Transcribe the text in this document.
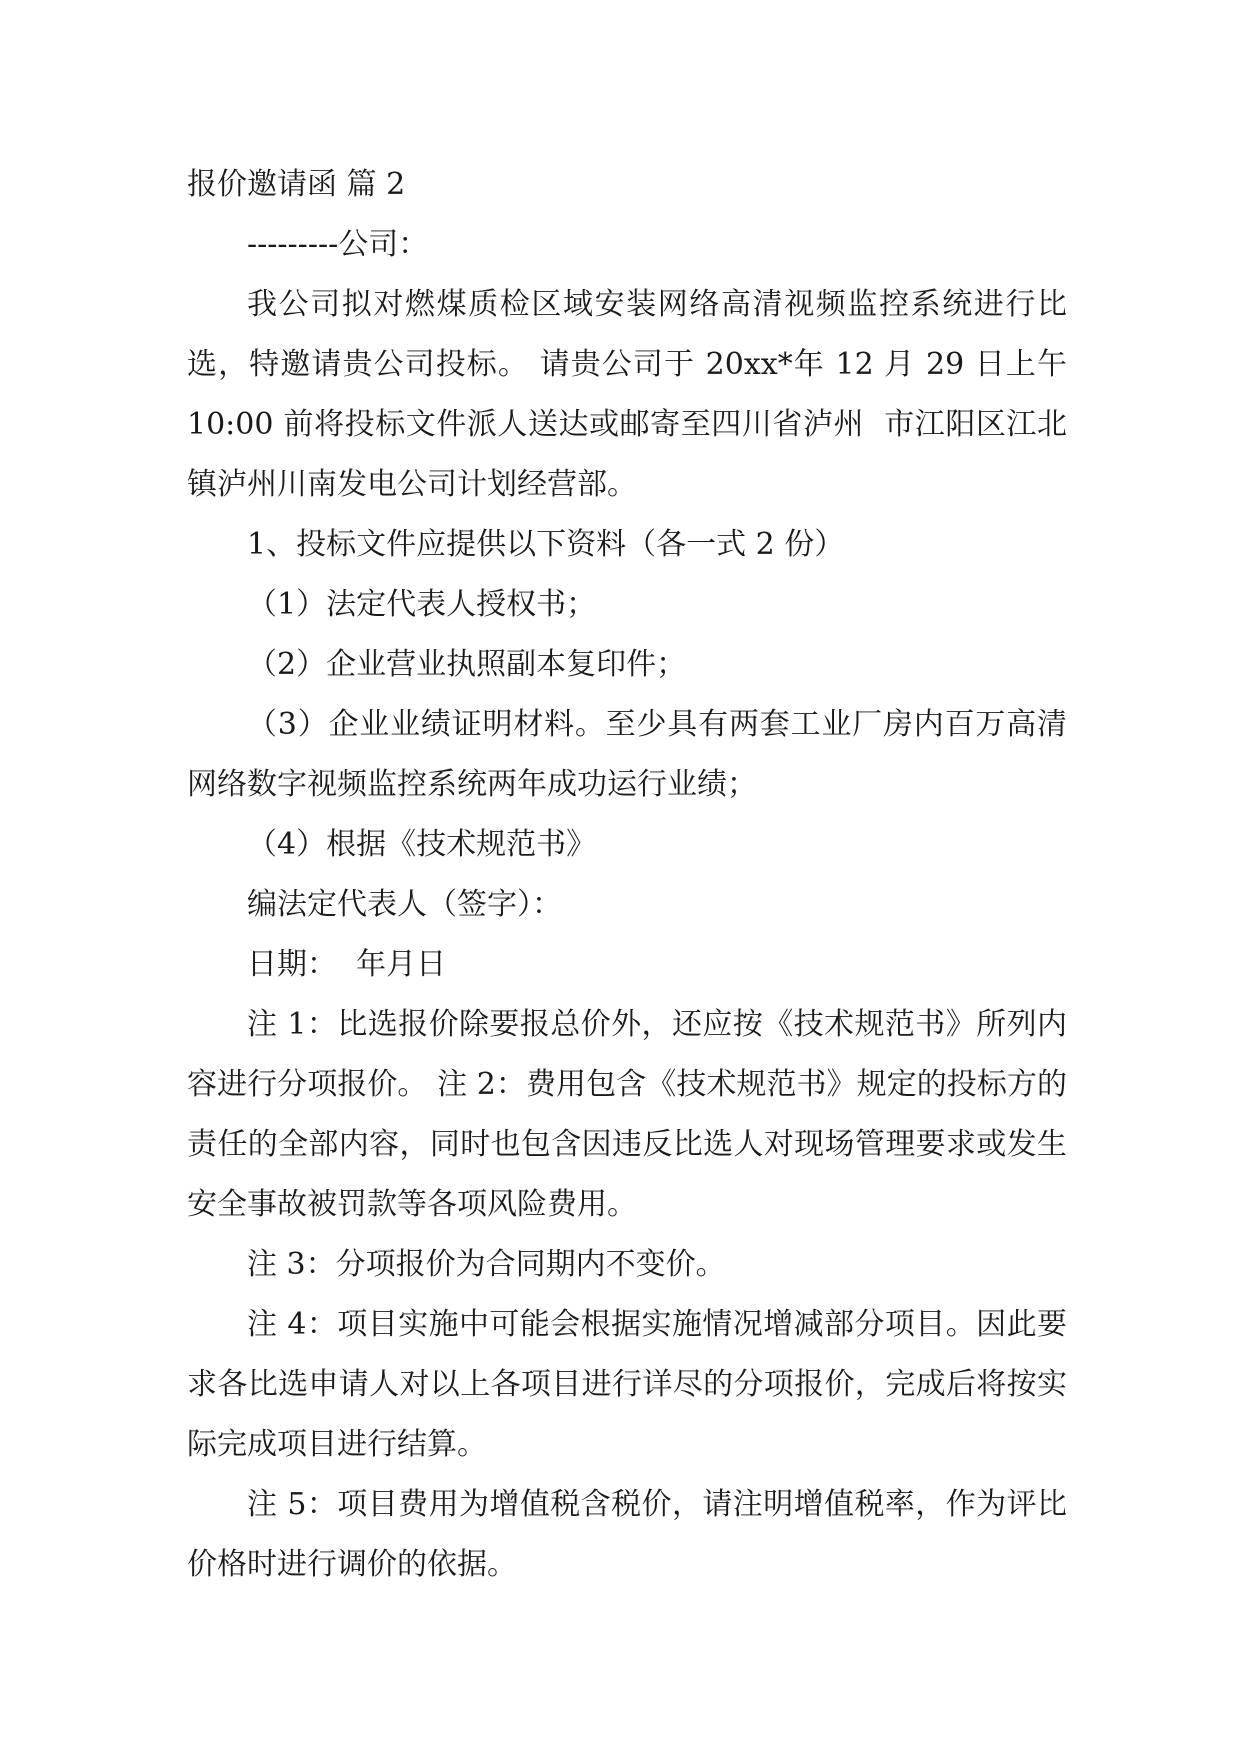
报价邀请函 篇 2

---------公司：

我公司拟对燃煤质检区域安装网络高清视频监控系统进行比选，特邀请贵公司投标。 请贵公司于 20xx*年 12 月 29 日上午 10:00 前将投标文件派人送达或邮寄至四川省泸州  市江阳区江北镇泸州川南发电公司计划经营部。

1、投标文件应提供以下资料（各一式 2 份）

（1）法定代表人授权书；

（2）企业营业执照副本复印件；

（3）企业业绩证明材料。至少具有两套工业厂房内百万高清网络数字视频监控系统两年成功运行业绩；

（4）根据《技术规范书》

编法定代表人（签字）：

日期：  年月日

注 1：比选报价除要报总价外，还应按《技术规范书》所列内容进行分项报价。 注 2：费用包含《技术规范书》规定的投标方的责任的全部内容，同时也包含因违反比选人对现场管理要求或发生安全事故被罚款等各项风险费用。

注 3：分项报价为合同期内不变价。

注 4：项目实施中可能会根据实施情况增减部分项目。因此要求各比选申请人对以上各项目进行详尽的分项报价，完成后将按实际完成项目进行结算。

注 5：项目费用为增值税含税价，请注明增值税率，作为评比价格时进行调价的依据。
